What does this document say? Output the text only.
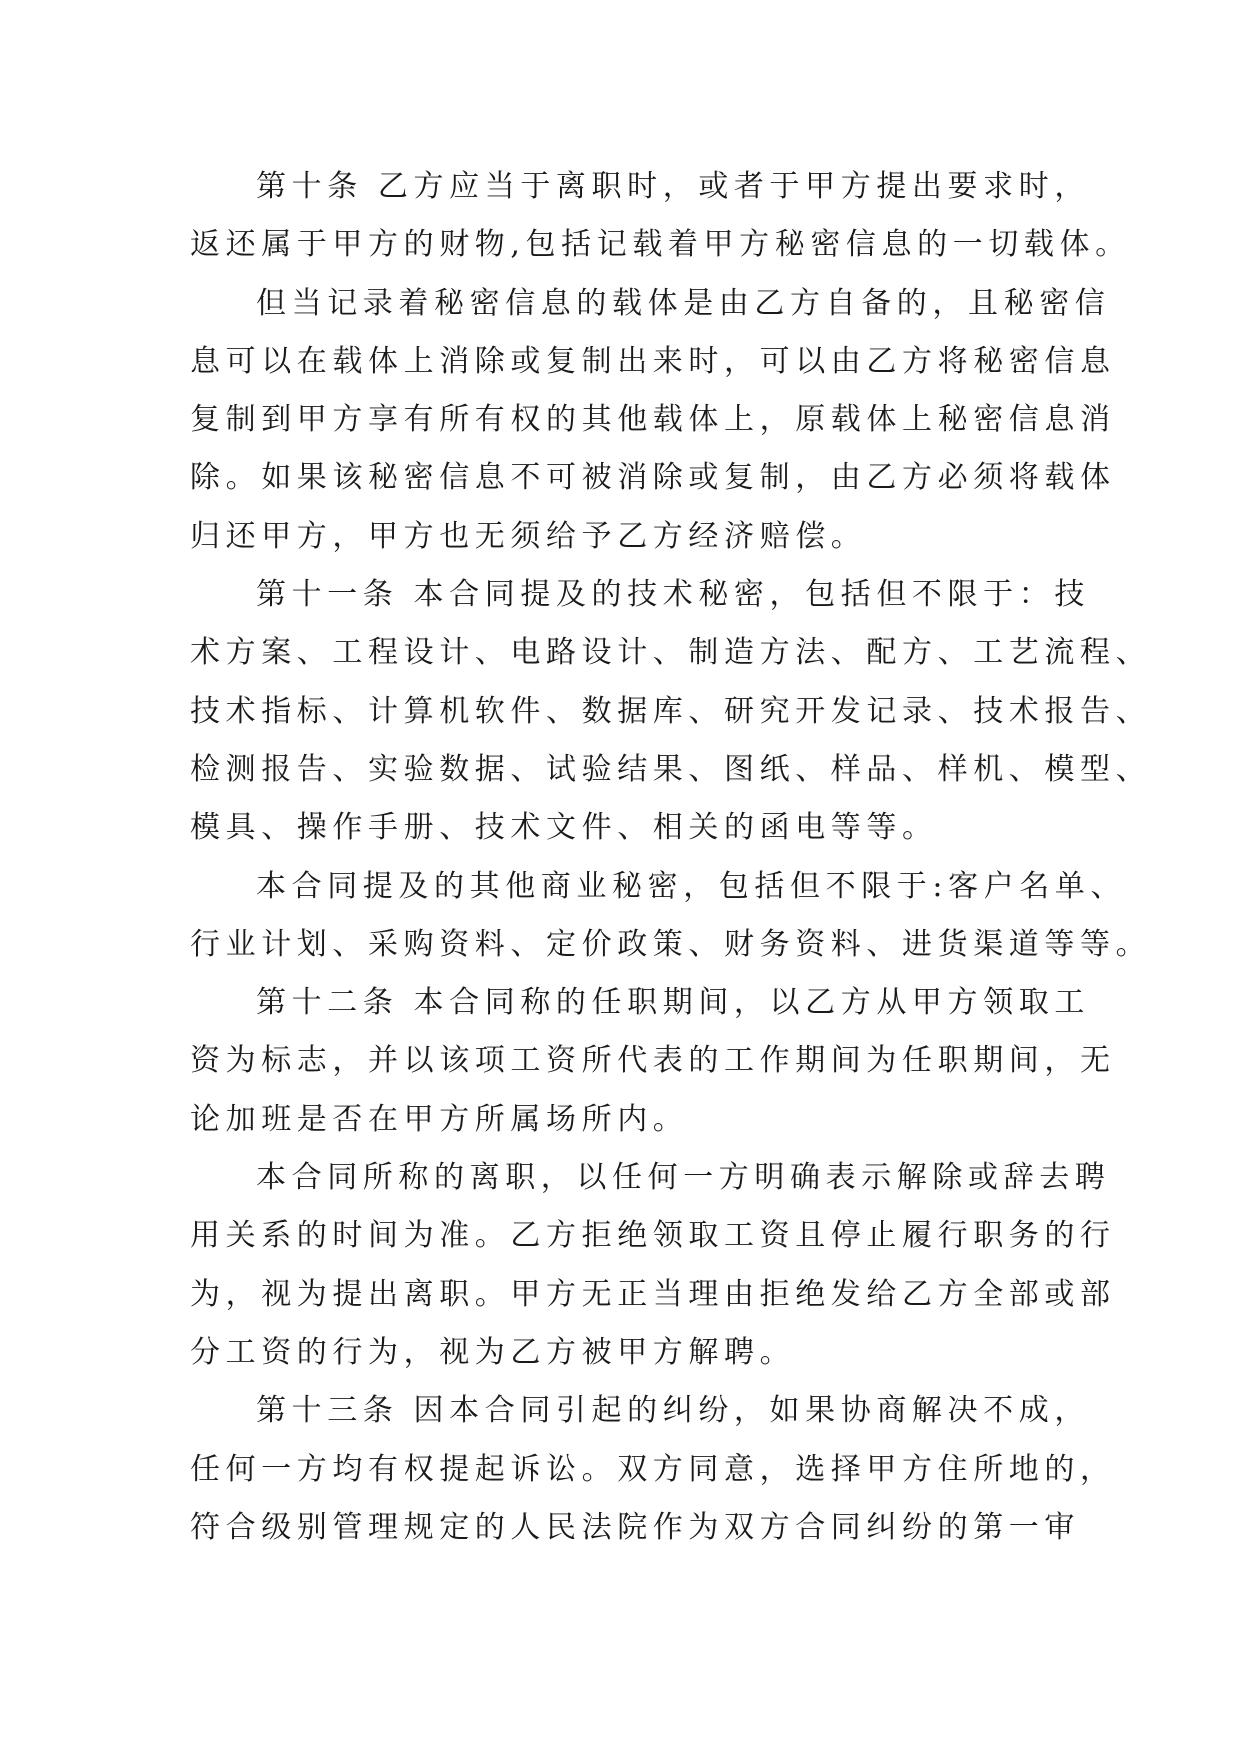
第十条 乙方应当于离职时，或者于甲方提出要求时，
返还属于甲方的财物,包括记载着甲方秘密信息的一切载体。
但当记录着秘密信息的载体是由乙方自备的，且秘密信
息可以在载体上消除或复制出来时，可以由乙方将秘密信息
复制到甲方享有所有权的其他载体上，原载体上秘密信息消
除。如果该秘密信息不可被消除或复制，由乙方必须将载体
归还甲方，甲方也无须给予乙方经济赔偿。
第十一条 本合同提及的技术秘密，包括但不限于：技
术方案、工程设计、电路设计、制造方法、配方、工艺流程、
技术指标、计算机软件、数据库、研究开发记录、技术报告、
检测报告、实验数据、试验结果、图纸、样品、样机、模型、
模具、操作手册、技术文件、相关的函电等等。
本合同提及的其他商业秘密，包括但不限于:客户名单、
行业计划、采购资料、定价政策、财务资料、进货渠道等等。
第十二条 本合同称的任职期间，以乙方从甲方领取工
资为标志，并以该项工资所代表的工作期间为任职期间，无
论加班是否在甲方所属场所内。
本合同所称的离职，以任何一方明确表示解除或辞去聘
用关系的时间为准。乙方拒绝领取工资且停止履行职务的行
为，视为提出离职。甲方无正当理由拒绝发给乙方全部或部
分工资的行为，视为乙方被甲方解聘。
第十三条 因本合同引起的纠纷，如果协商解决不成，
任何一方均有权提起诉讼。双方同意，选择甲方住所地的，
符合级别管理规定的人民法院作为双方合同纠纷的第一审
